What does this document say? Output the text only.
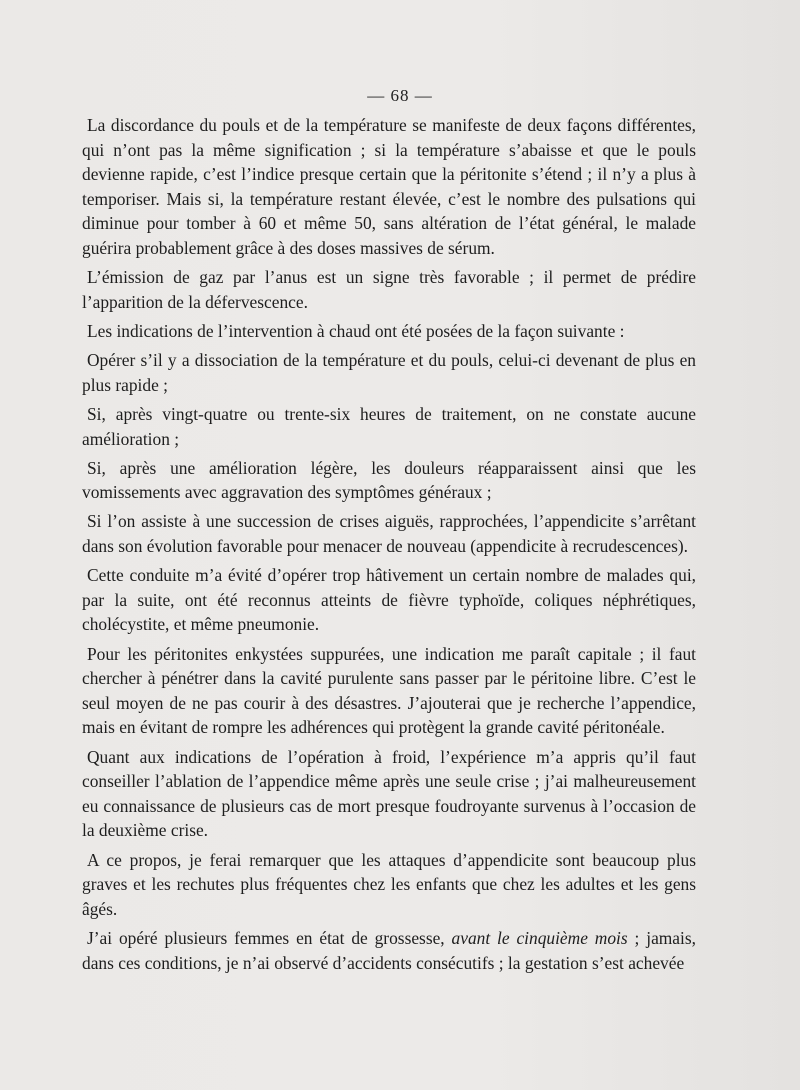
— 68 —

La discordance du pouls et de la température se manifeste de deux façons différentes, qui n’ont pas la même signification ; si la température s’abaisse et que le pouls devienne rapide, c’est l’indice presque certain que la péritonite s’étend ; il n’y a plus à temporiser. Mais si, la température restant élevée, c’est le nombre des pulsations qui diminue pour tomber à 60 et même 50, sans altération de l’état général, le malade guérira probablement grâce à des doses massives de sérum.

L’émission de gaz par l’anus est un signe très favorable ; il permet de prédire l’apparition de la défervescence.

Les indications de l’intervention à chaud ont été posées de la façon suivante :

Opérer s’il y a dissociation de la température et du pouls, celui-ci devenant de plus en plus rapide ;

Si, après vingt-quatre ou trente-six heures de traitement, on ne constate aucune amélioration ;

Si, après une amélioration légère, les douleurs réapparaissent ainsi que les vomissements avec aggravation des symptômes généraux ;

Si l’on assiste à une succession de crises aiguës, rapprochées, l’appendicite s’arrêtant dans son évolution favorable pour menacer de nouveau (appendicite à recrudescences).

Cette conduite m’a évité d’opérer trop hâtivement un certain nombre de malades qui, par la suite, ont été reconnus atteints de fièvre typhoïde, coliques néphrétiques, cholécystite, et même pneumonie.

Pour les péritonites enkystées suppurées, une indication me paraît capitale ; il faut chercher à pénétrer dans la cavité purulente sans passer par le péritoine libre. C’est le seul moyen de ne pas courir à des désastres. J’ajouterai que je recherche l’appendice, mais en évitant de rompre les adhérences qui protègent la grande cavité péritonéale.

Quant aux indications de l’opération à froid, l’expérience m’a appris qu’il faut conseiller l’ablation de l’appendice même après une seule crise ; j’ai malheureusement eu connaissance de plusieurs cas de mort presque foudroyante survenus à l’occasion de la deuxième crise.

A ce propos, je ferai remarquer que les attaques d’appendicite sont beaucoup plus graves et les rechutes plus fréquentes chez les enfants que chez les adultes et les gens âgés.

J’ai opéré plusieurs femmes en état de grossesse, avant le cinquième mois ; jamais, dans ces conditions, je n’ai observé d’accidents consécutifs ; la gestation s’est achevée
